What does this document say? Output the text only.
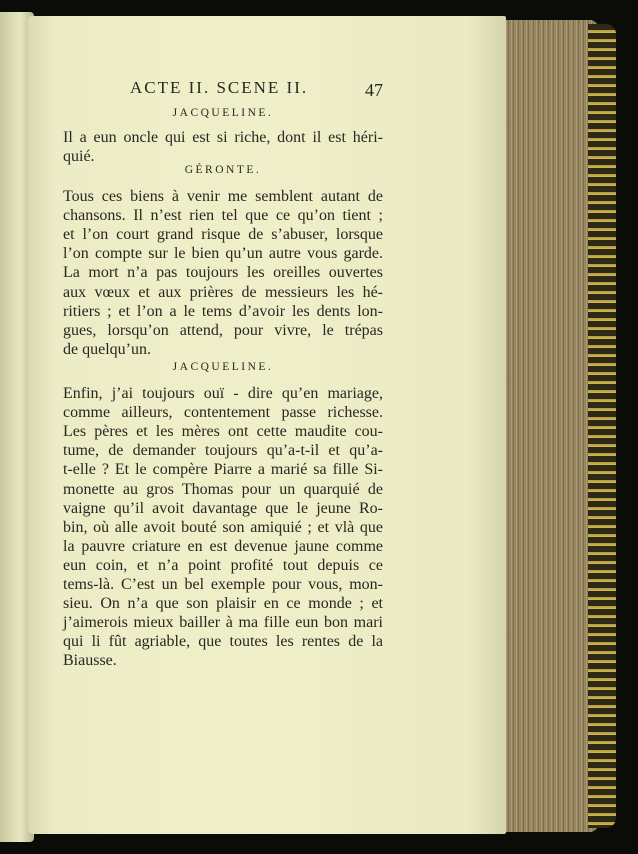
ACTE II. SCENE II.	47
JACQUELINE.
Il a eun oncle qui est si riche, dont il est héri-
quié.
GÉRONTE.
Tous ces biens à venir me semblent autant de
chansons. Il n’est rien tel que ce qu’on tient ;
et l’on court grand risque de s’abuser, lorsque
l’on compte sur le bien qu’un autre vous garde.
La mort n’a pas toujours les oreilles ouvertes
aux vœux et aux prières de messieurs les hé-
ritiers ; et l’on a le tems d’avoir les dents lon-
gues, lorsqu’on attend, pour vivre, le trépas
de quelqu’un.
JACQUELINE.
Enfin, j’ai toujours ouï - dire qu’en mariage,
comme ailleurs, contentement passe richesse.
Les pères et les mères ont cette maudite cou-
tume, de demander toujours qu’a-t-il et qu’a-
t-elle ? Et le compère Piarre a marié sa fille Si-
monette au gros Thomas pour un quarquié de
vaigne qu’il avoit davantage que le jeune Ro-
bin, où alle avoit bouté son amiquié ; et vlà que
la pauvre criature en est devenue jaune comme
eun coin, et n’a point profité tout depuis ce
tems-là. C’est un bel exemple pour vous, mon-
sieu. On n’a que son plaisir en ce monde ; et
j’aimerois mieux bailler à ma fille eun bon mari
qui li fût agriable, que toutes les rentes de la
Biausse.
